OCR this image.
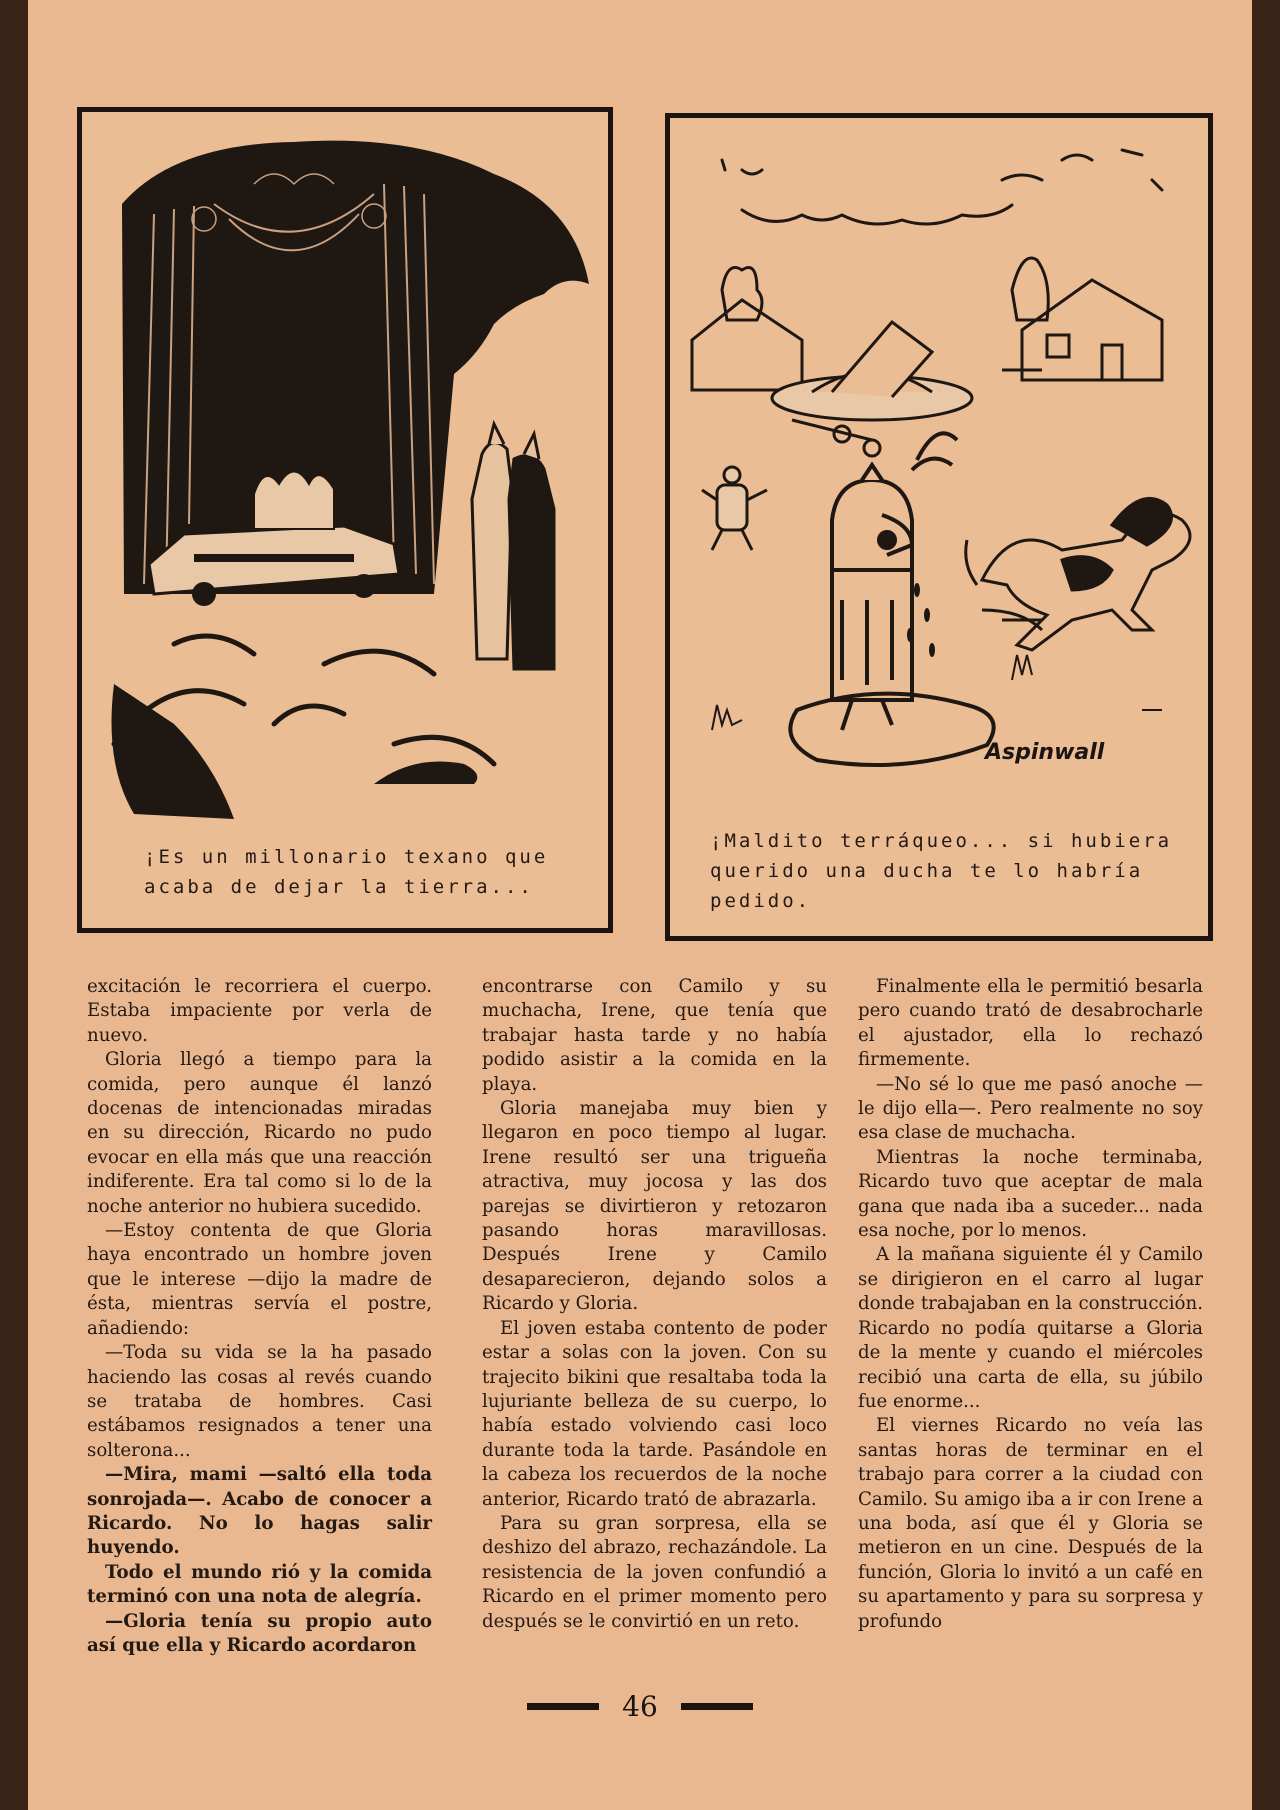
¡Es un millonario texano que acaba de dejar la tierra...
Aspinwall
¡Maldito terráqueo... si hubiera querido una ducha te lo habría pedido.

excitación le recorriera el cuerpo. Estaba impaciente por verla de nuevo.

Gloria llegó a tiempo para la comida, pero aunque él lanzó docenas de intencionadas miradas en su dirección, Ricardo no pudo evocar en ella más que una reacción indiferente. Era tal como si lo de la noche anterior no hubiera sucedido.

—Estoy contenta de que Gloria haya encontrado un hombre joven que le interese —dijo la madre de ésta, mientras servía el postre, añadiendo:

—Toda su vida se la ha pasado haciendo las cosas al revés cuando se trataba de hombres. Casi estábamos resignados a tener una solterona...

—Mira, mami —saltó ella toda sonrojada—. Acabo de conocer a Ricardo. No lo hagas salir huyendo.

Todo el mundo rió y la comida terminó con una nota de alegría.

—Gloria tenía su propio auto así que ella y Ricardo acordaron

encontrarse con Camilo y su muchacha, Irene, que tenía que trabajar hasta tarde y no había podido asistir a la comida en la playa.

Gloria manejaba muy bien y llegaron en poco tiempo al lugar. Irene resultó ser una trigueña atractiva, muy jocosa y las dos parejas se divirtieron y retozaron pasando horas maravillosas. Después Irene y Camilo desaparecieron, dejando solos a Ricardo y Gloria.

El joven estaba contento de poder estar a solas con la joven. Con su trajecito bikini que resaltaba toda la lujuriante belleza de su cuerpo, lo había estado volviendo casi loco durante toda la tarde. Pasándole en la cabeza los recuerdos de la noche anterior, Ricardo trató de abrazarla.

Para su gran sorpresa, ella se deshizo del abrazo, rechazándole. La resistencia de la joven confundió a Ricardo en el primer momento pero después se le convirtió en un reto.

Finalmente ella le permitió besarla pero cuando trató de desabrocharle el ajustador, ella lo rechazó firmemente.

—No sé lo que me pasó anoche —le dijo ella—. Pero realmente no soy esa clase de muchacha.

Mientras la noche terminaba, Ricardo tuvo que aceptar de mala gana que nada iba a suceder... nada esa noche, por lo menos.

A la mañana siguiente él y Camilo se dirigieron en el carro al lugar donde trabajaban en la construcción. Ricardo no podía quitarse a Gloria de la mente y cuando el miércoles recibió una carta de ella, su júbilo fue enorme...

El viernes Ricardo no veía las santas horas de terminar en el trabajo para correr a la ciudad con Camilo. Su amigo iba a ir con Irene a una boda, así que él y Gloria se metieron en un cine. Después de la función, Gloria lo invitó a un café en su apartamento y para su sorpresa y profundo

46
